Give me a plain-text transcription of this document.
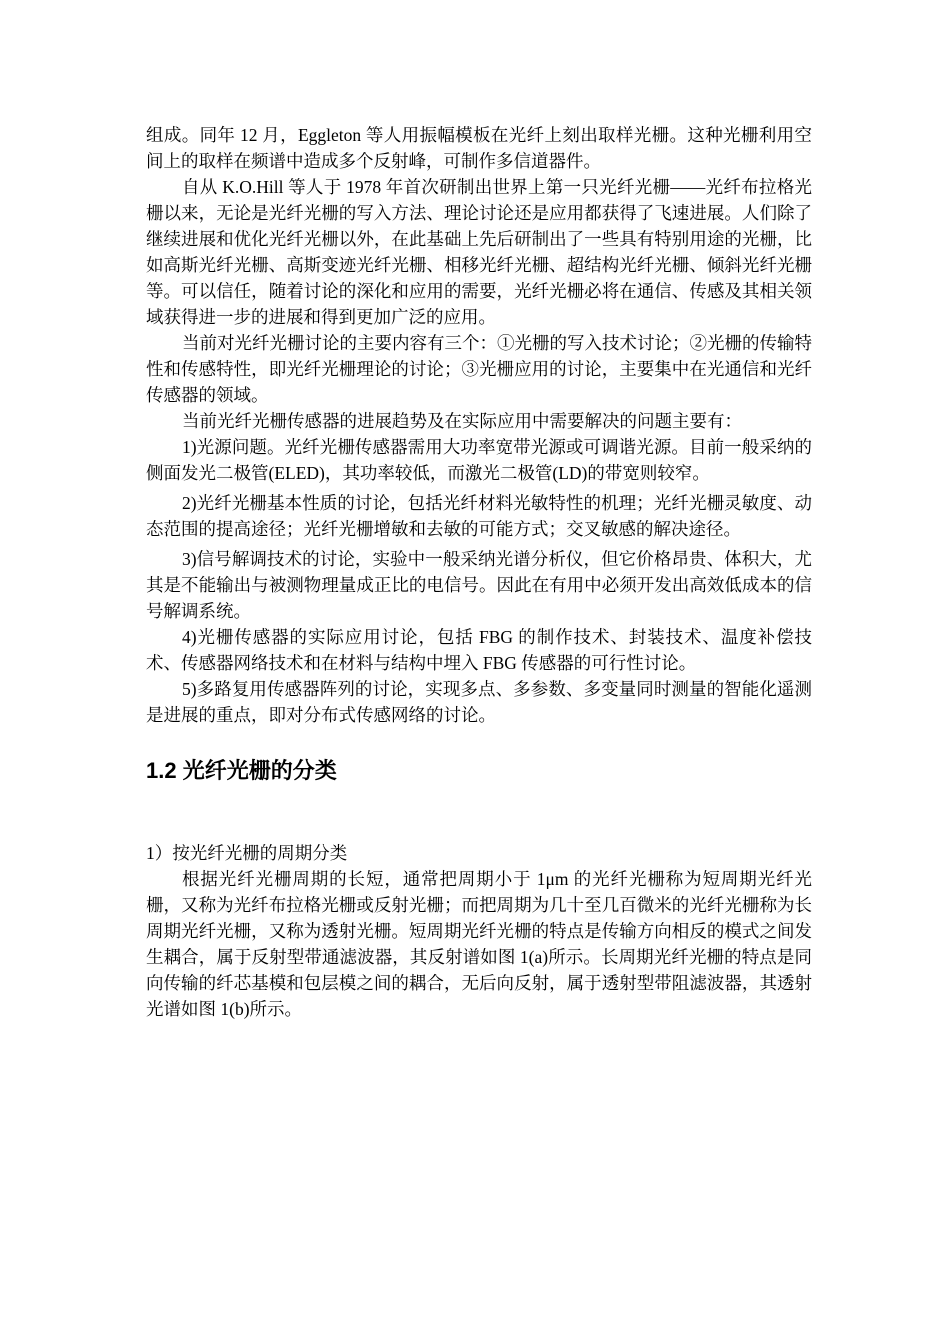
组成。同年 12 月，Eggleton 等人用振幅模板在光纤上刻出取样光栅。这种光栅利用空间上的取样在频谱中造成多个反射峰，可制作多信道器件。

自从 K.O.Hill 等人于 1978 年首次研制出世界上第一只光纤光栅——光纤布拉格光栅以来，无论是光纤光栅的写入方法、理论讨论还是应用都获得了飞速进展。人们除了继续进展和优化光纤光栅以外，在此基础上先后研制出了一些具有特别用途的光栅，比如高斯光纤光栅、高斯变迹光纤光栅、相移光纤光栅、超结构光纤光栅、倾斜光纤光栅等。可以信任，随着讨论的深化和应用的需要，光纤光栅必将在通信、传感及其相关领域获得进一步的进展和得到更加广泛的应用。

当前对光纤光栅讨论的主要内容有三个：①光栅的写入技术讨论；②光栅的传输特性和传感特性，即光纤光栅理论的讨论；③光栅应用的讨论，主要集中在光通信和光纤传感器的领域。

当前光纤光栅传感器的进展趋势及在实际应用中需要解决的问题主要有：

1)光源问题。光纤光栅传感器需用大功率宽带光源或可调谐光源。目前一般采纳的侧面发光二极管(ELED)，其功率较低，而激光二极管(LD)的带宽则较窄。

2)光纤光栅基本性质的讨论，包括光纤材料光敏特性的机理；光纤光栅灵敏度、动态范围的提高途径；光纤光栅增敏和去敏的可能方式；交叉敏感的解决途径。

3)信号解调技术的讨论，实验中一般采纳光谱分析仪，但它价格昂贵、体积大，尤其是不能输出与被测物理量成正比的电信号。因此在有用中必须开发出高效低成本的信号解调系统。

4)光栅传感器的实际应用讨论，包括 FBG 的制作技术、封装技术、温度补偿技术、传感器网络技术和在材料与结构中埋入 FBG 传感器的可行性讨论。

5)多路复用传感器阵列的讨论，实现多点、多参数、多变量同时测量的智能化遥测是进展的重点，即对分布式传感网络的讨论。

1.2 光纤光栅的分类

1）按光纤光栅的周期分类

根据光纤光栅周期的长短，通常把周期小于 1μm 的光纤光栅称为短周期光纤光栅，又称为光纤布拉格光栅或反射光栅；而把周期为几十至几百微米的光纤光栅称为长周期光纤光栅，又称为透射光栅。短周期光纤光栅的特点是传输方向相反的模式之间发生耦合，属于反射型带通滤波器，其反射谱如图 1(a)所示。长周期光纤光栅的特点是同向传输的纤芯基模和包层模之间的耦合，无后向反射，属于透射型带阻滤波器，其透射光谱如图 1(b)所示。
